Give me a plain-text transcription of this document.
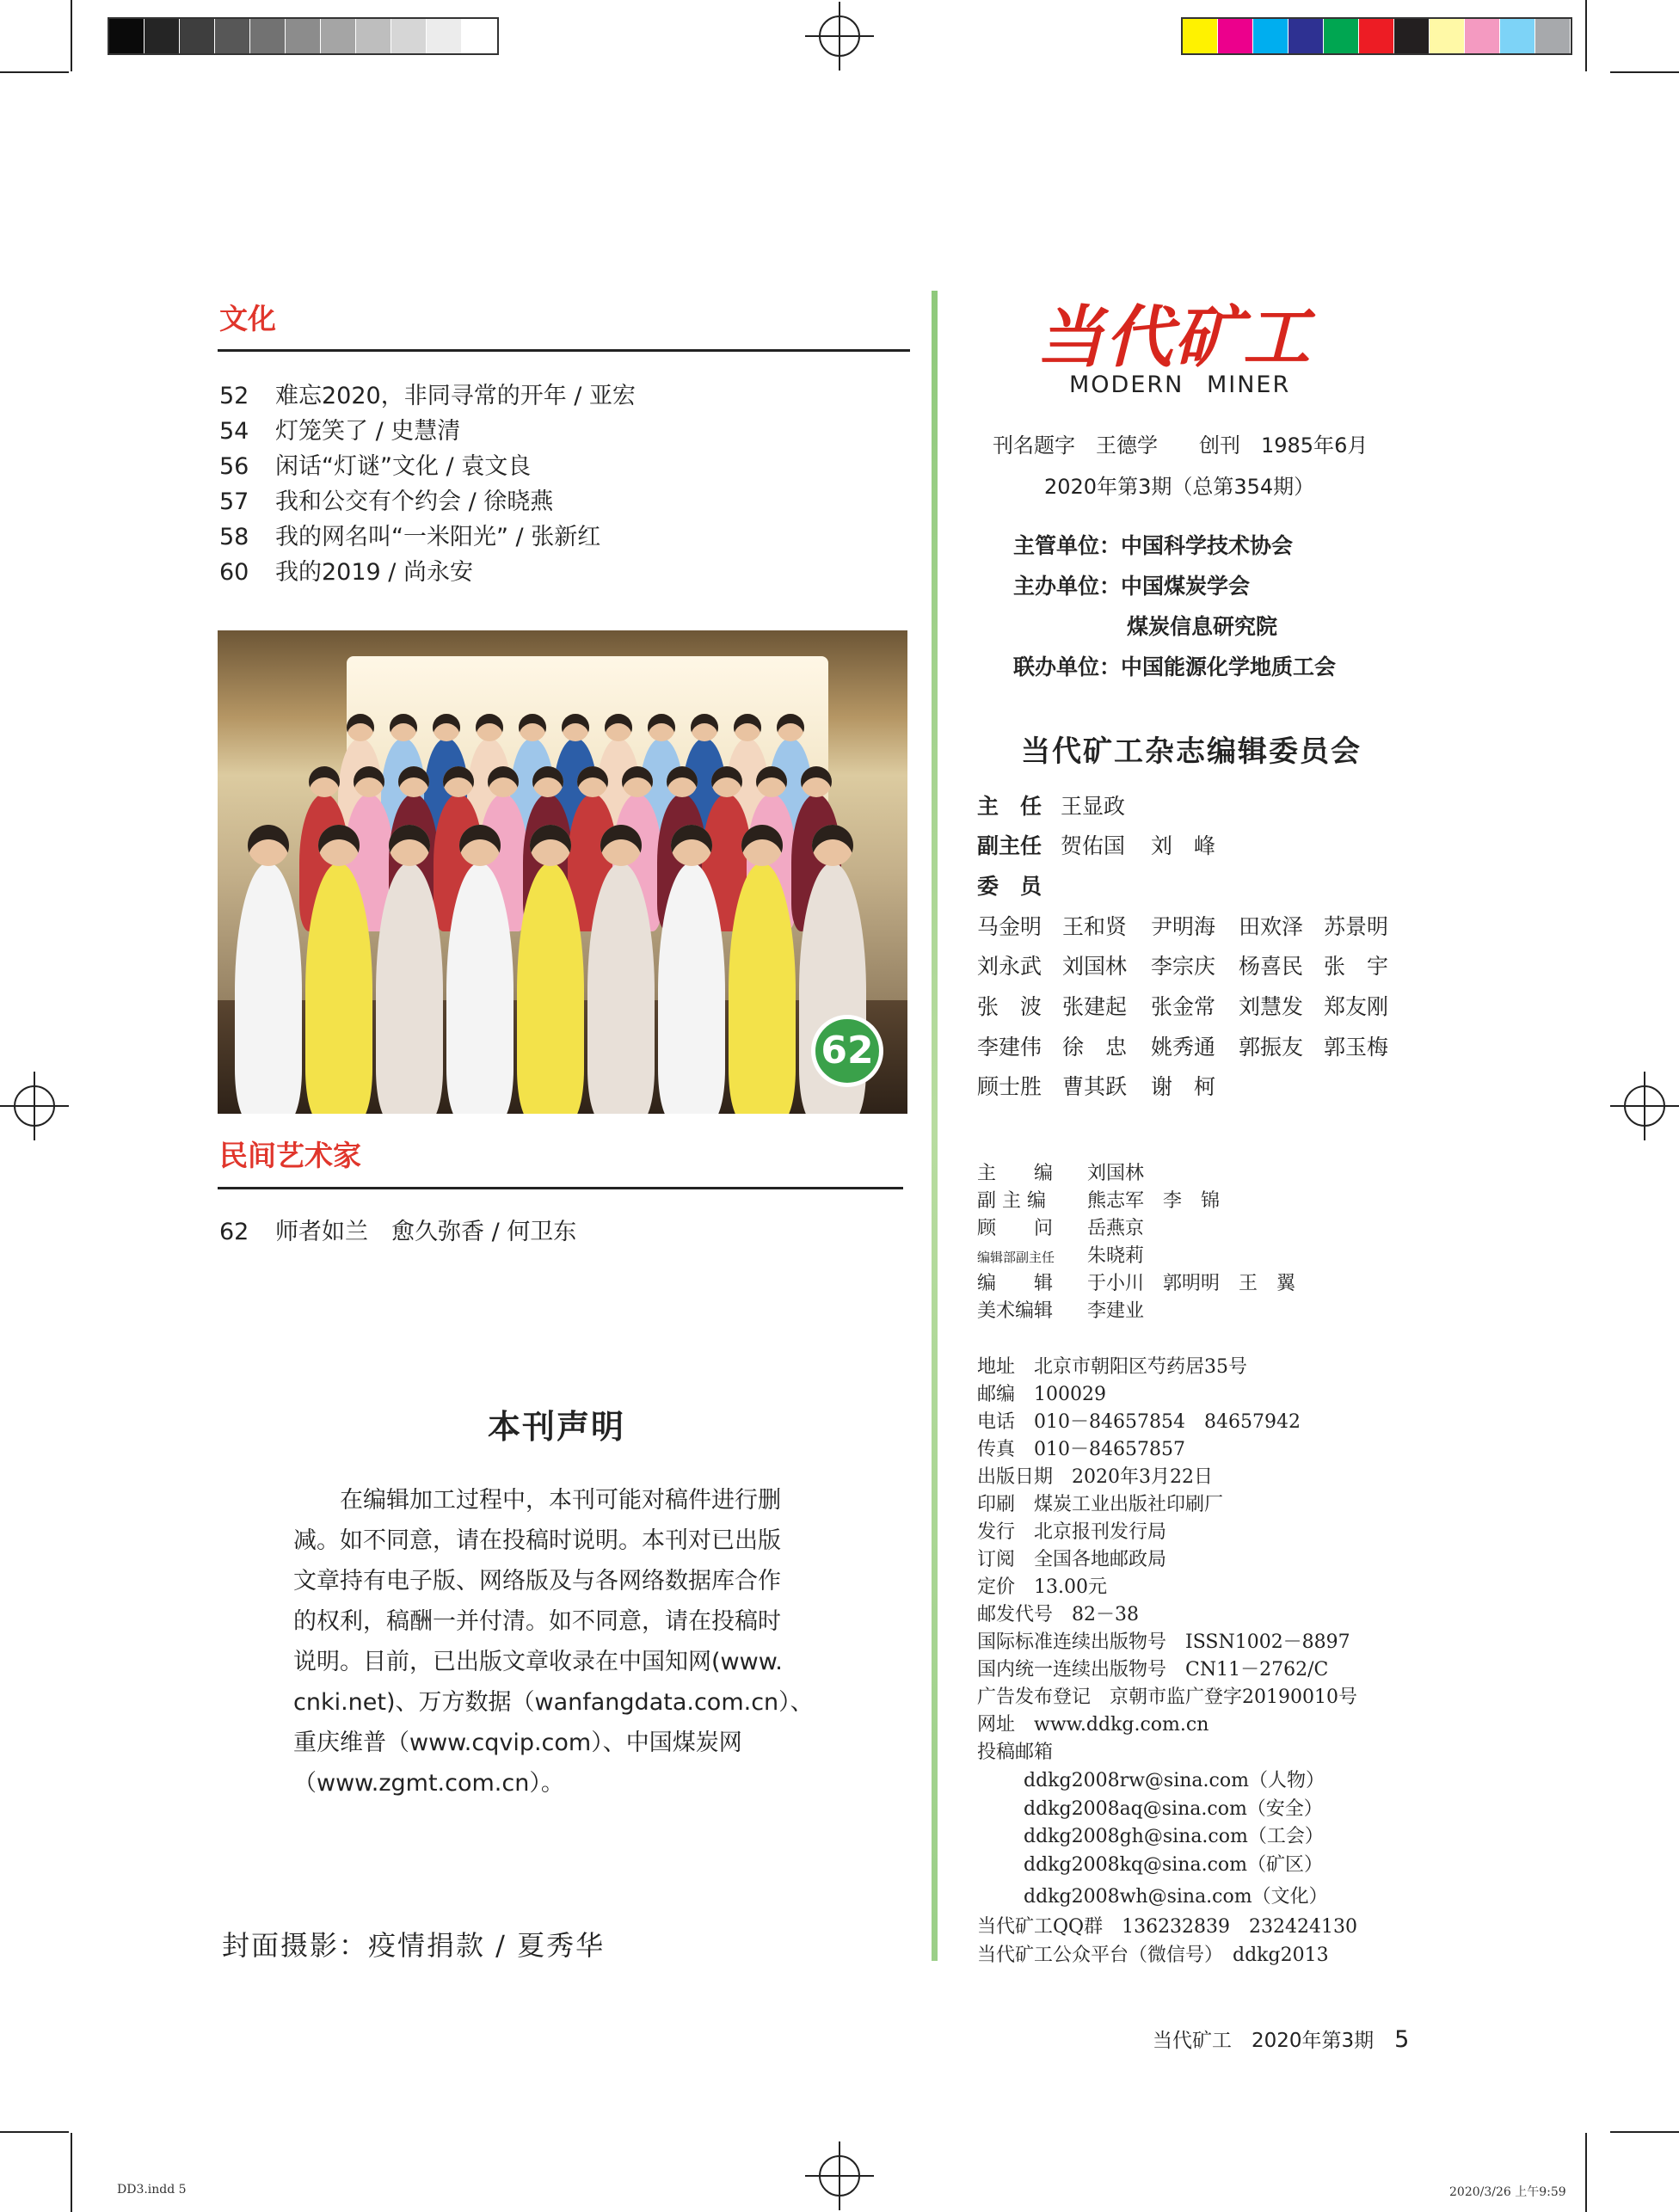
文化
52 难忘2020，非同寻常的开年 / 亚宏
54 灯笼笑了 / 史慧清
56 闲话“灯谜”文化 / 袁文良
57 我和公交有个约会 / 徐晓燕
58 我的网名叫“一米阳光” / 张新红
60 我的2019 / 尚永安
62
民间艺术家
62 师者如兰　愈久弥香 / 何卫东
本刊声明
　　在编辑加工过程中，本刊可能对稿件进行删
减。如不同意，请在投稿时说明。本刊对已出版
文章持有电子版、网络版及与各网络数据库合作
的权利，稿酬一并付清。如不同意，请在投稿时
说明。目前，已出版文章收录在中国知网(www.
cnki.net)、万方数据（wanfangdata.com.cn）、
重庆维普（www.cqvip.com）、中国煤炭网
（www.zgmt.com.cn）。
封面摄影：疫情捐款 / 夏秀华
当代矿工
MODERN MINER
刊名题字　王德学　　创刊　1985年6月
2020年第3期（总第354期）
主管单位：中国科学技术协会
主办单位：中国煤炭学会
煤炭信息研究院
联办单位：中国能源化学地质工会
当代矿工杂志编辑委员会
主　任 王显政
副主任 贺佑国 刘　峰
委　员
马金明 王和贤 尹明海 田欢泽 苏景明
刘永武 刘国林 李宗庆 杨喜民 张　宇
张　波 张建起 张金常 刘慧发 郑友刚
李建伟 徐　忠 姚秀通 郭振友 郭玉梅
顾士胜 曹其跃 谢　柯
主　　编 刘国林
副 主 编 熊志军　李　锦
顾　　问 岳燕京
编辑部副主任 朱晓莉
编　　辑 于小川　郭明明　王　翼
美术编辑 李建业
地址　北京市朝阳区芍药居35号
邮编　100029
电话　010－84657854　84657942
传真　010－84657857
出版日期　2020年3月22日
印刷　煤炭工业出版社印刷厂
发行　北京报刊发行局
订阅　全国各地邮政局
定价　13.00元
邮发代号　82－38
国际标准连续出版物号　ISSN1002－8897
国内统一连续出版物号　CN11－2762/C
广告发布登记　京朝市监广登字20190010号
网址　www.ddkg.com.cn
投稿邮箱
ddkg2008rw@sina.com（人物）
ddkg2008aq@sina.com（安全）
ddkg2008gh@sina.com（工会）
ddkg2008kq@sina.com（矿区）
ddkg2008wh@sina.com（文化）
当代矿工QQ群　136232839　232424130
当代矿工公众平台（微信号）　ddkg2013
当代矿工　2020年第3期 5
DD3.indd 5	2020/3/26 上午9:59
